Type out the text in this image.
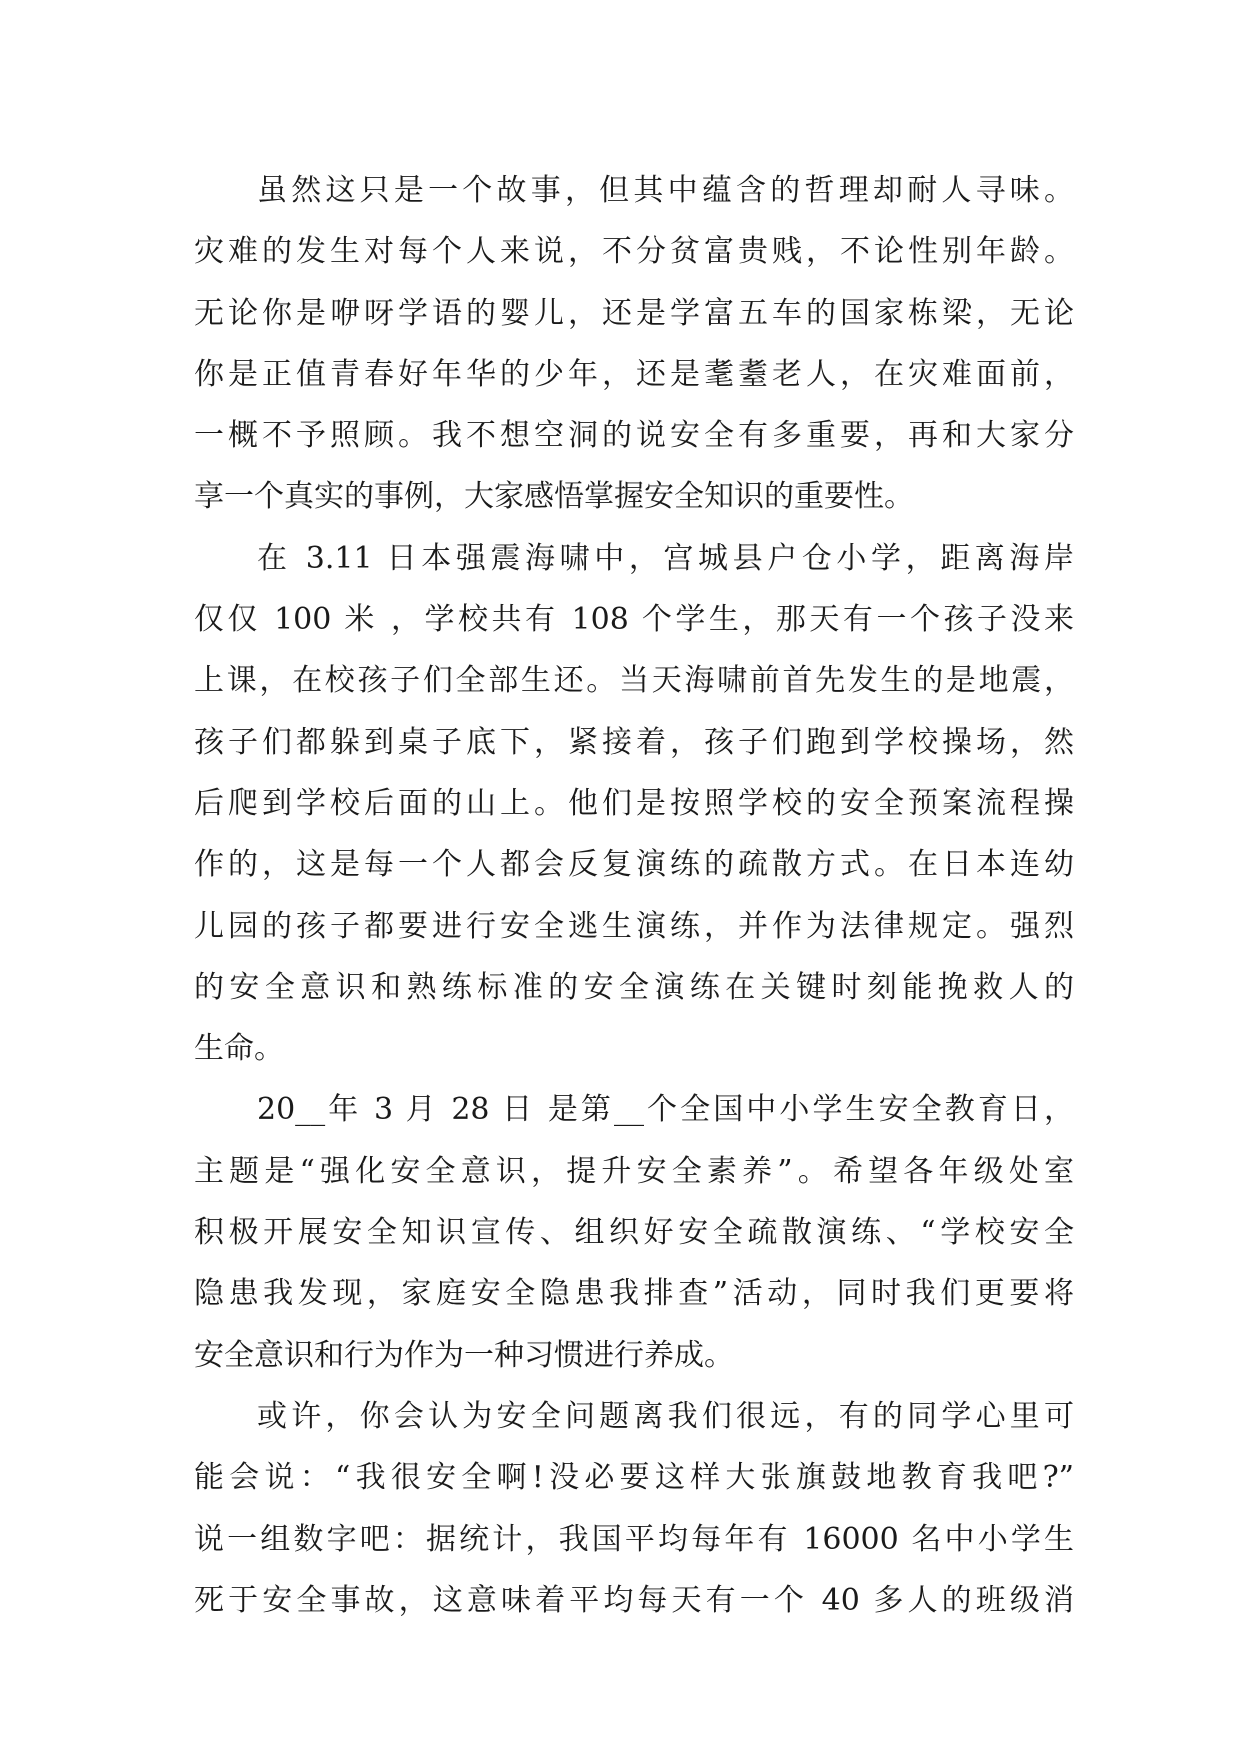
虽然这只是一个故事，但其中蕴含的哲理却耐人寻味。
灾难的发生对每个人来说，不分贫富贵贱，不论性别年龄。
无论你是咿呀学语的婴儿，还是学富五车的国家栋梁，无论
你是正值青春好年华的少年，还是耄耋老人，在灾难面前，
一概不予照顾。我不想空洞的说安全有多重要，再和大家分
享一个真实的事例，大家感悟掌握安全知识的重要性。
在 3.11 日本强震海啸中，宫城县户仓小学，距离海岸
仅仅 100 米 ，学校共有 108 个学生，那天有一个孩子没来
上课，在校孩子们全部生还。当天海啸前首先发生的是地震，
孩子们都躲到桌子底下，紧接着，孩子们跑到学校操场，然
后爬到学校后面的山上。他们是按照学校的安全预案流程操
作的，这是每一个人都会反复演练的疏散方式。在日本连幼
儿园的孩子都要进行安全逃生演练，并作为法律规定。强烈
的安全意识和熟练标准的安全演练在关键时刻能挽救人的
生命。
20__年 3 月 28 日 是第__个全国中小学生安全教育日，
主题是“强化安全意识，提升安全素养”。希望各年级处室
积极开展安全知识宣传、组织好安全疏散演练、“学校安全
隐患我发现，家庭安全隐患我排查”活动，同时我们更要将
安全意识和行为作为一种习惯进行养成。
或许，你会认为安全问题离我们很远，有的同学心里可
能会说：“我很安全啊!没必要这样大张旗鼓地教育我吧?”
说一组数字吧：据统计，我国平均每年有 16000 名中小学生
死于安全事故，这意味着平均每天有一个 40 多人的班级消
